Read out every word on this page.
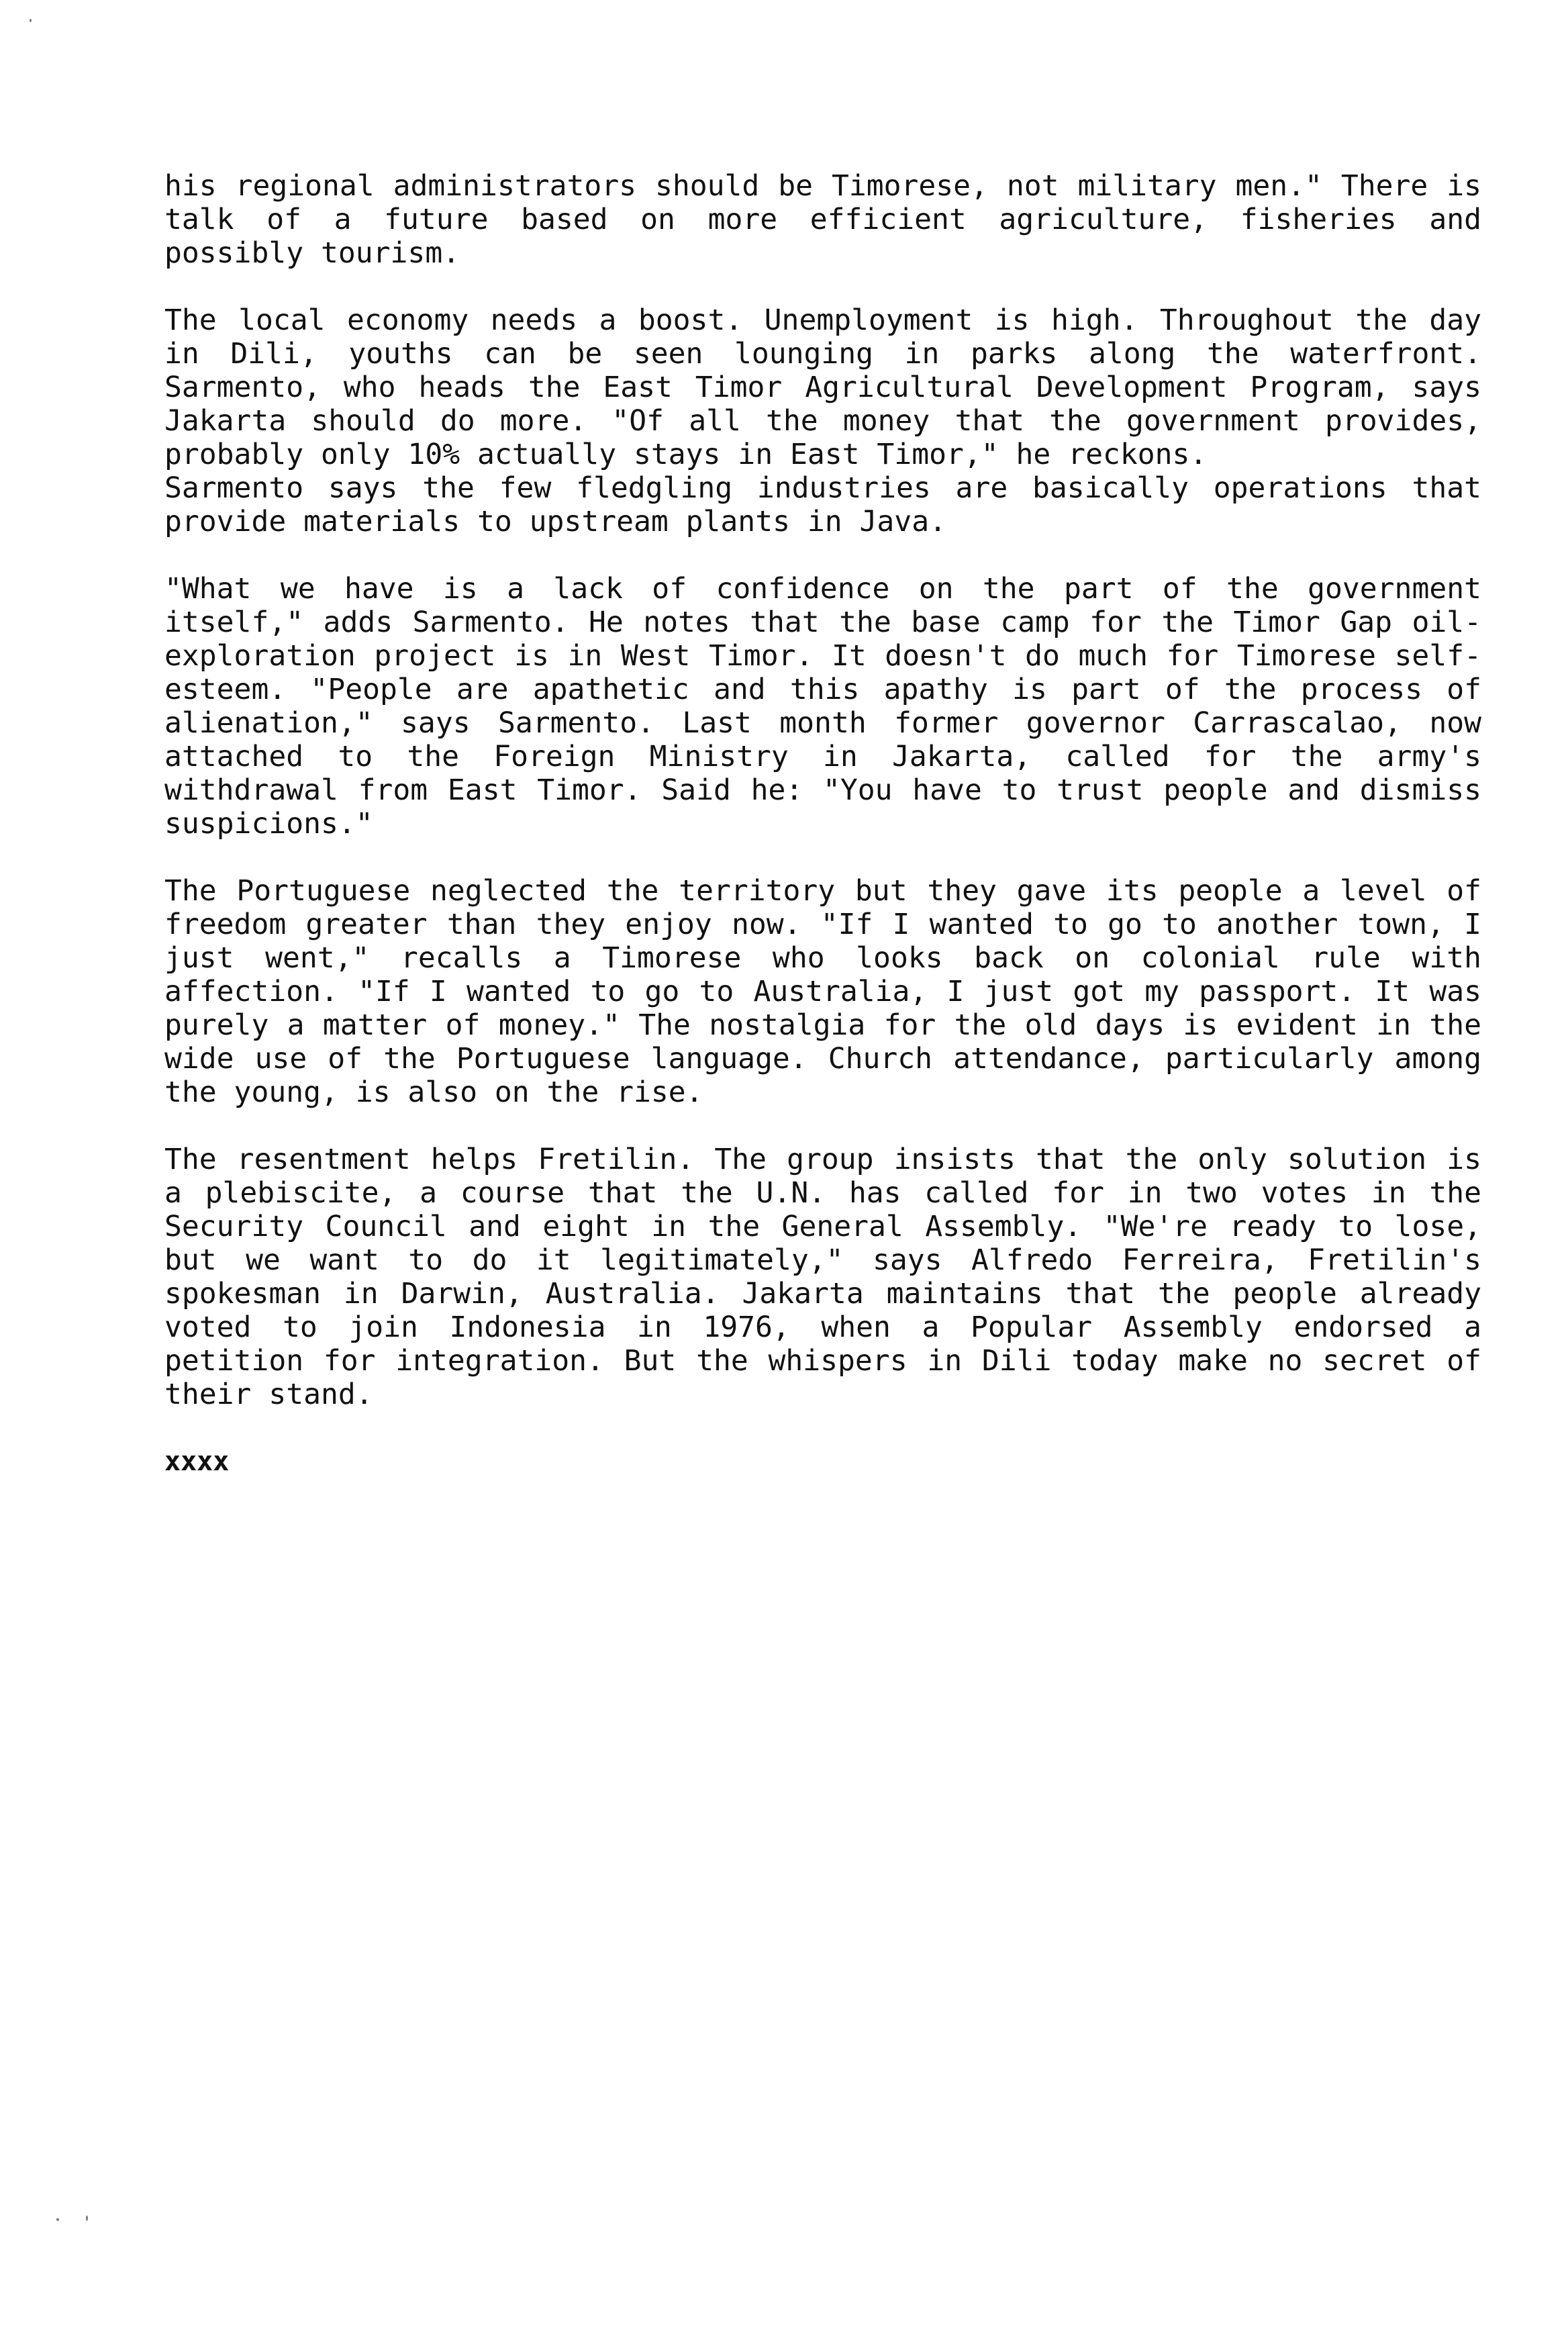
his regional administrators should be Timorese, not military men." There is talk of a future based on more efficient agriculture, fisheries and possibly tourism.

The local economy needs a boost. Unemployment is high. Throughout the day in Dili, youths can be seen lounging in parks along the waterfront. Sarmento, who heads the East Timor Agricultural Development Program, says Jakarta should do more. "Of all the money that the government provides, probably only 10% actually stays in East Timor," he reckons.

Sarmento says the few fledgling industries are basically operations that provide materials to upstream plants in Java.

"What we have is a lack of confidence on the part of the government itself," adds Sarmento. He notes that the base camp for the Timor Gap oil-exploration project is in West Timor. It doesn't do much for Timorese self-esteem. "People are apathetic and this apathy is part of the process of alienation," says Sarmento. Last month former governor Carrascalao, now attached to the Foreign Ministry in Jakarta, called for the army's withdrawal from East Timor. Said he: "You have to trust people and dismiss suspicions."

The Portuguese neglected the territory but they gave its people a level of freedom greater than they enjoy now. "If I wanted to go to another town, I just went," recalls a Timorese who looks back on colonial rule with affection. "If I wanted to go to Australia, I just got my passport. It was purely a matter of money." The nostalgia for the old days is evident in the wide use of the Portuguese language. Church attendance, particularly among the young, is also on the rise.

The resentment helps Fretilin. The group insists that the only solution is a plebiscite, a course that the U.N. has called for in two votes in the Security Council and eight in the General Assembly. "We're ready to lose, but we want to do it legitimately," says Alfredo Ferreira, Fretilin's spokesman in Darwin, Australia. Jakarta maintains that the people already voted to join Indonesia in 1976, when a Popular Assembly endorsed a petition for integration. But the whispers in Dili today make no secret of their stand.

xxxx
